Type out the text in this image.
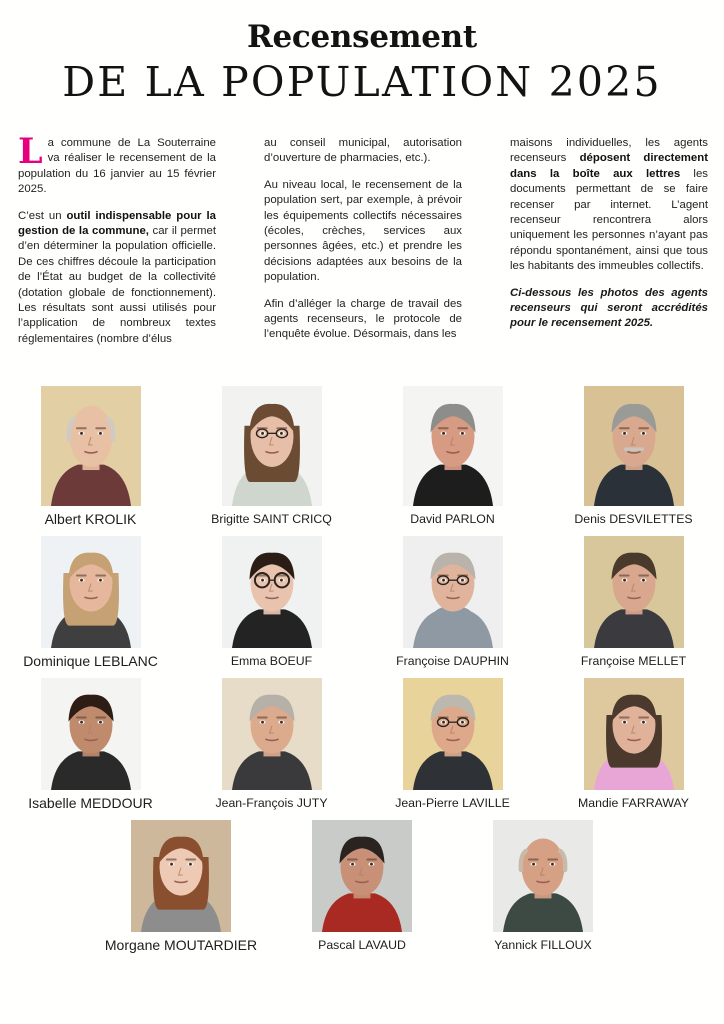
Recensement
DE LA POPULATION 2025

La commune de La Souterraine va réaliser le recensement de la population du 16 janvier au 15 février 2025.

C’est un outil indispensable pour la gestion de la commune, car il permet d’en déterminer la population officielle. De ces chiffres découle la participation de l’État au budget de la collectivité (dotation globale de fonctionnement). Les résultats sont aussi utilisés pour l’application de nombreux textes réglementaires (nombre d’élus

au conseil municipal, autorisation d’ouverture de pharmacies, etc.).

Au niveau local, le recensement de la population sert, par exemple, à prévoir les équipements collectifs nécessaires (écoles, crèches, services aux personnes âgées, etc.) et prendre les décisions adaptées aux besoins de la population.

Afin d’alléger la charge de travail des agents recenseurs, le protocole de l’enquête évolue. Désormais, dans les

maisons individuelles, les agents recenseurs déposent directement dans la boîte aux lettres les documents permettant de se faire recenser par internet. L’agent recenseur rencontrera alors uniquement les personnes n’ayant pas répondu spontanément, ainsi que tous les habitants des immeubles collectifs.

Ci-dessous les photos des agents recenseurs qui seront accrédités pour le recensement 2025.

Albert KROLIK	Brigitte SAINT CRICQ	David PARLON	Denis DESVILETTES
Dominique LEBLANC	Emma BOEUF	Françoise DAUPHIN	Françoise MELLET
Isabelle MEDDOUR	Jean-François JUTY	Jean-Pierre LAVILLE	Mandie FARRAWAY
Morgane MOUTARDIER	Pascal LAVAUD	Yannick FILLOUX
